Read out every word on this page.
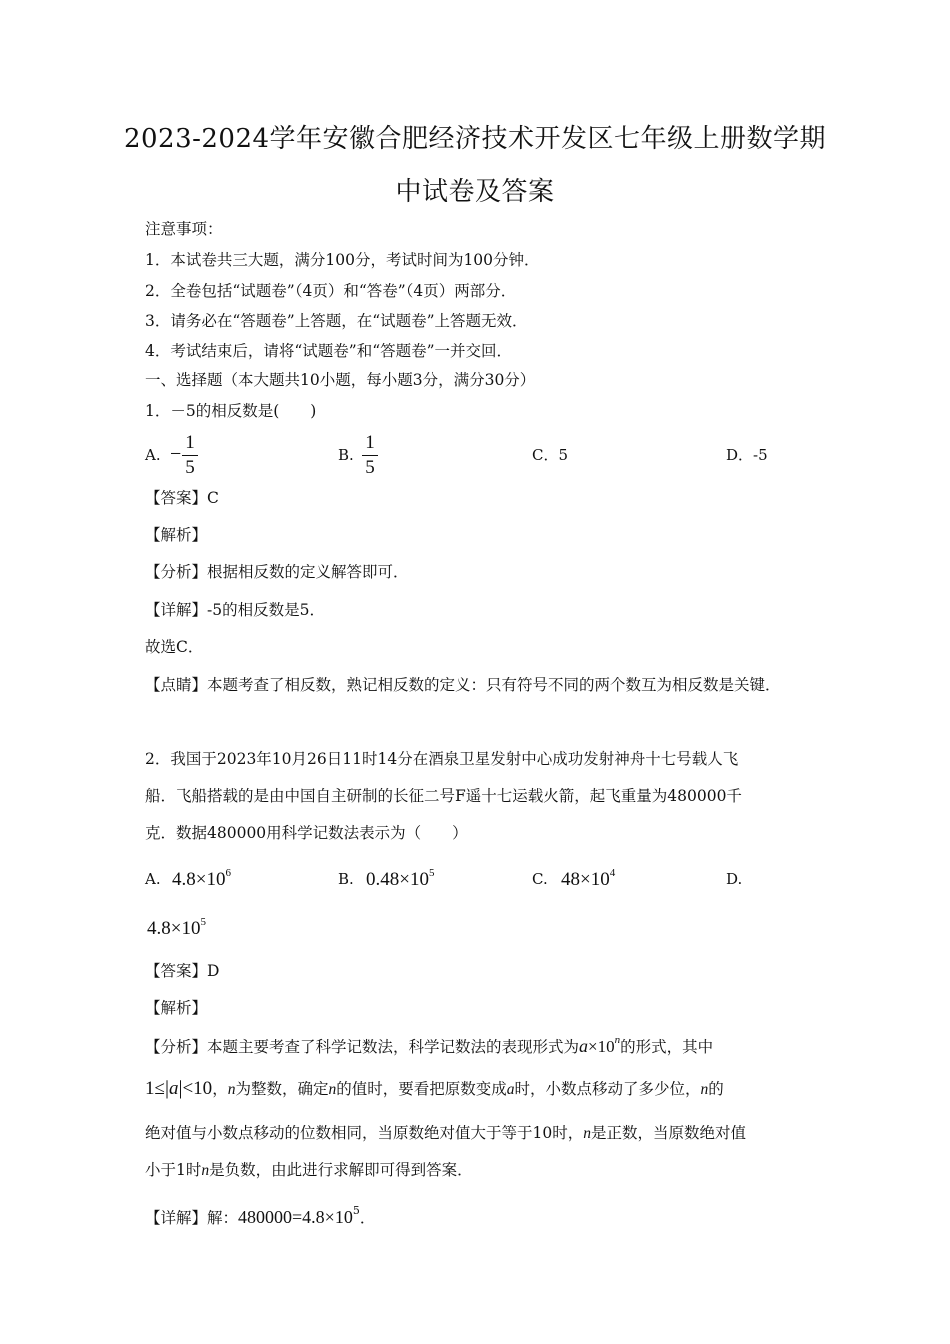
2023-2024学年安徽合肥经济技术开发区七年级上册数学期
中试卷及答案
注意事项：
1．本试卷共三大题，满分100分，考试时间为100分钟．
2．全卷包括“试题卷”（4页）和“答卷”（4页）两部分．
3．请务必在“答题卷”上答题，在“试题卷”上答题无效．
4．考试结束后，请将“试题卷”和“答题卷”一并交回．
一、选择题（本大题共10小题，每小题3分，满分30分）
1．－5的相反数是(　　)
A. −
1
5
B.
1
5
C．5	D．-5
【答案】C
【解析】
【分析】根据相反数的定义解答即可．
【详解】-5的相反数是5．
故选C．
【点睛】本题考查了相反数，熟记相反数的定义：只有符号不同的两个数互为相反数是关键．
2．我国于2023年10月26日11时14分在酒泉卫星发射中心成功发射神舟十七号载人飞
船．飞船搭载的是由中国自主研制的长征二号F遥十七运载火箭，起飞重量为480000千
克．数据480000用科学记数法表示为（　　）
A. $4.8\times 10^6$	B. $0.48\times 10^5$	C. $48\times 10^4$	D.
$4.8\times 10^5$
【答案】D
【解析】
【分析】本题主要考查了科学记数法，科学记数法的表现形式为$a\times 10^n$的形式，其中
1≤|a|<10，n为整数，确定n的值时，要看把原数变成a时，小数点移动了多少位，n的
绝对值与小数点移动的位数相同，当原数绝对值大于等于10时，n是正数，当原数绝对值
小于1时n是负数，由此进行求解即可得到答案．
【详解】解：$480000=4.8\times 10^5$．
